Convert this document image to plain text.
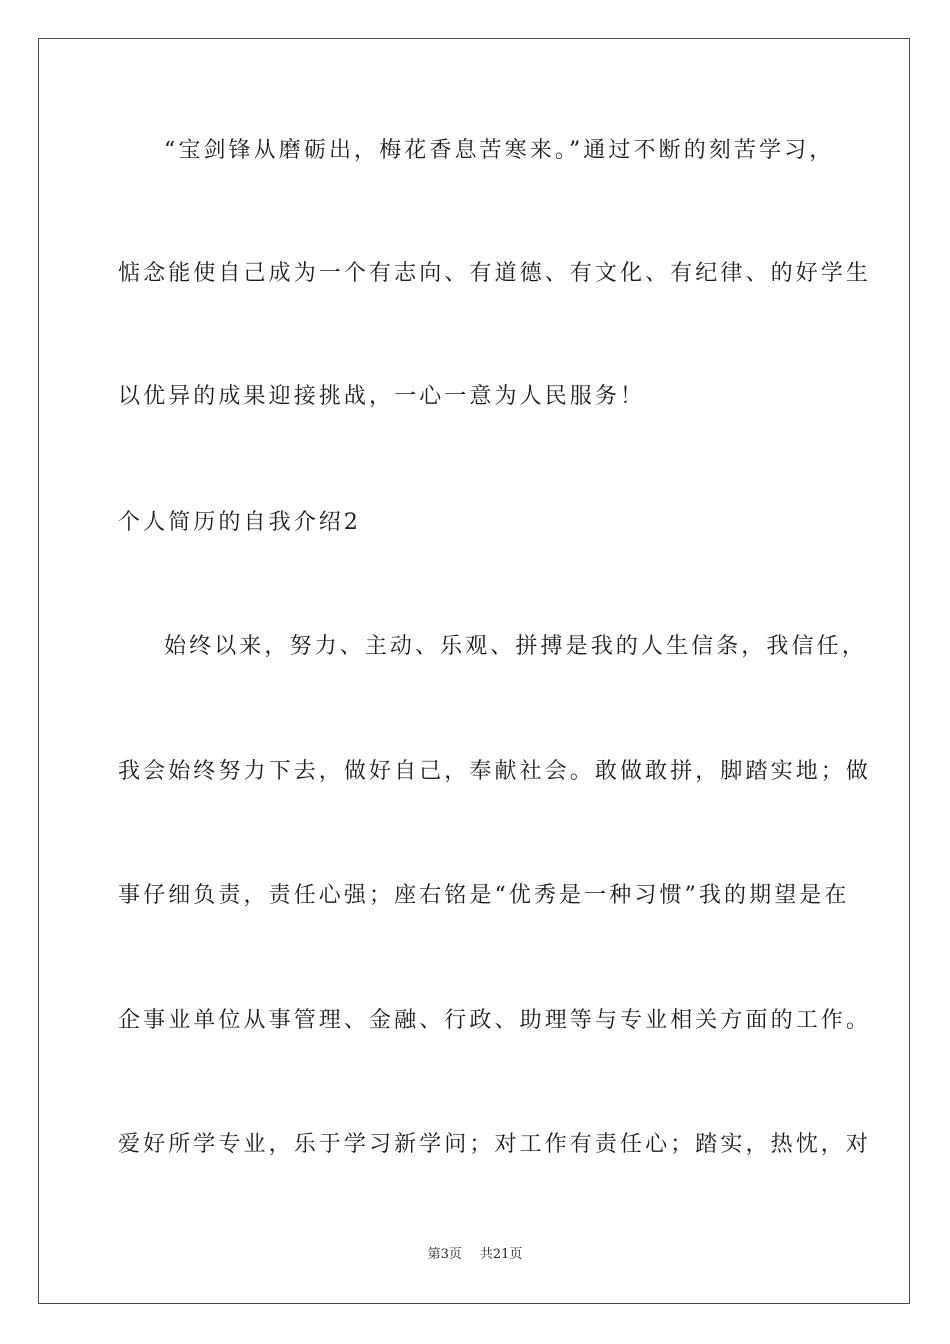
“宝剑锋从磨砺出，梅花香息苦寒来。”通过不断的刻苦学习，
惦念能使自己成为一个有志向、有道德、有文化、有纪律、的好学生
以优异的成果迎接挑战，一心一意为人民服务！
个人简历的自我介绍2
始终以来，努力、主动、乐观、拼搏是我的人生信条，我信任，
我会始终努力下去，做好自己，奉献社会。敢做敢拼，脚踏实地；做
事仔细负责，责任心强；座右铭是“优秀是一种习惯”我的期望是在
企事业单位从事管理、金融、行政、助理等与专业相关方面的工作。
爱好所学专业，乐于学习新学问；对工作有责任心；踏实，热忱，对
第3页 共21页
